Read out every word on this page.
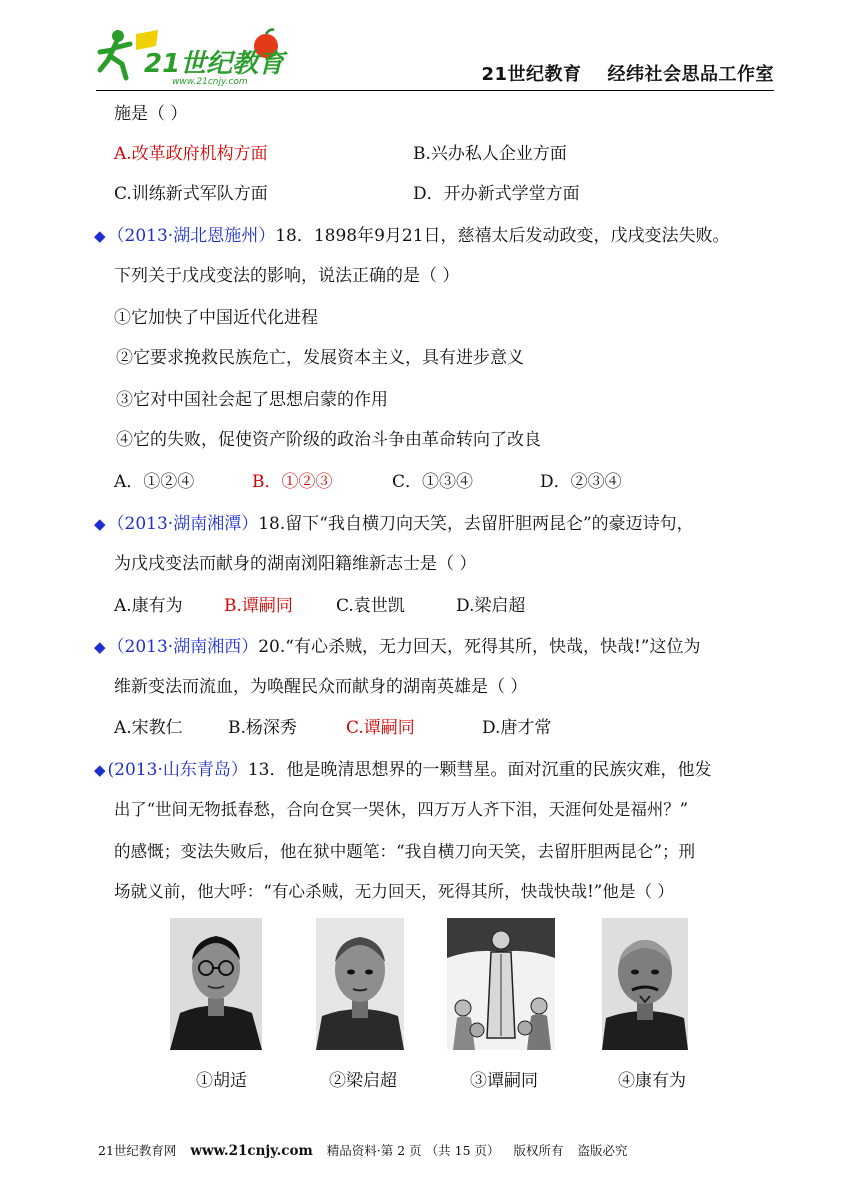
21世纪教育
www.21cnjy.com	21世纪教育 经纬社会思品工作室
施是（ ）
A.改革政府机构方面	B.兴办私人企业方面
C.训练新式军队方面	D．开办新式学堂方面
◆ （2013·湖北恩施州）18．1898年9月21日，慈禧太后发动政变，戊戌变法失败。
下列关于戊戌变法的影响，说法正确的是（ ）
①它加快了中国近代化进程
②它要求挽救民族危亡，发展资本主义，具有进步意义
③它对中国社会起了思想启蒙的作用
④它的失败，促使资产阶级的政治斗争由革命转向了改良
A．①②④	B．①②③	C．①③④	D．②③④
◆ （2013·湖南湘潭）18.留下“我自横刀向天笑，去留肝胆两昆仑”的豪迈诗句，
为戊戌变法而献身的湖南浏阳籍维新志士是（ ）
A.康有为 B.谭嗣同	C.袁世凯	D.梁启超
◆ （2013·湖南湘西）20.“有心杀贼，无力回天，死得其所，快哉，快哉!”这位为
维新变法而流血，为唤醒民众而献身的湖南英雄是（ ）
A.宋教仁	B.杨深秀	C.谭嗣同	D.唐才常
◆ (2013·山东青岛）13．他是晚清思想界的一颗彗星。面对沉重的民族灾难，他发
出了“世间无物抵春愁，合向仓冥一哭休，四万万人齐下泪，天涯何处是福州？”
的感慨；变法失败后，他在狱中题笔：“我自横刀向天笑，去留肝胆两昆仑”；刑
场就义前，他大呼：“有心杀贼，无力回天，死得其所，快哉快哉!”他是（ ）
①胡适	②梁启超	③谭嗣同	④康有为
21世纪教育网 www.21cnjy.com 精品资料·第 2 页 （共 15 页） 版权所有 盗版必究
